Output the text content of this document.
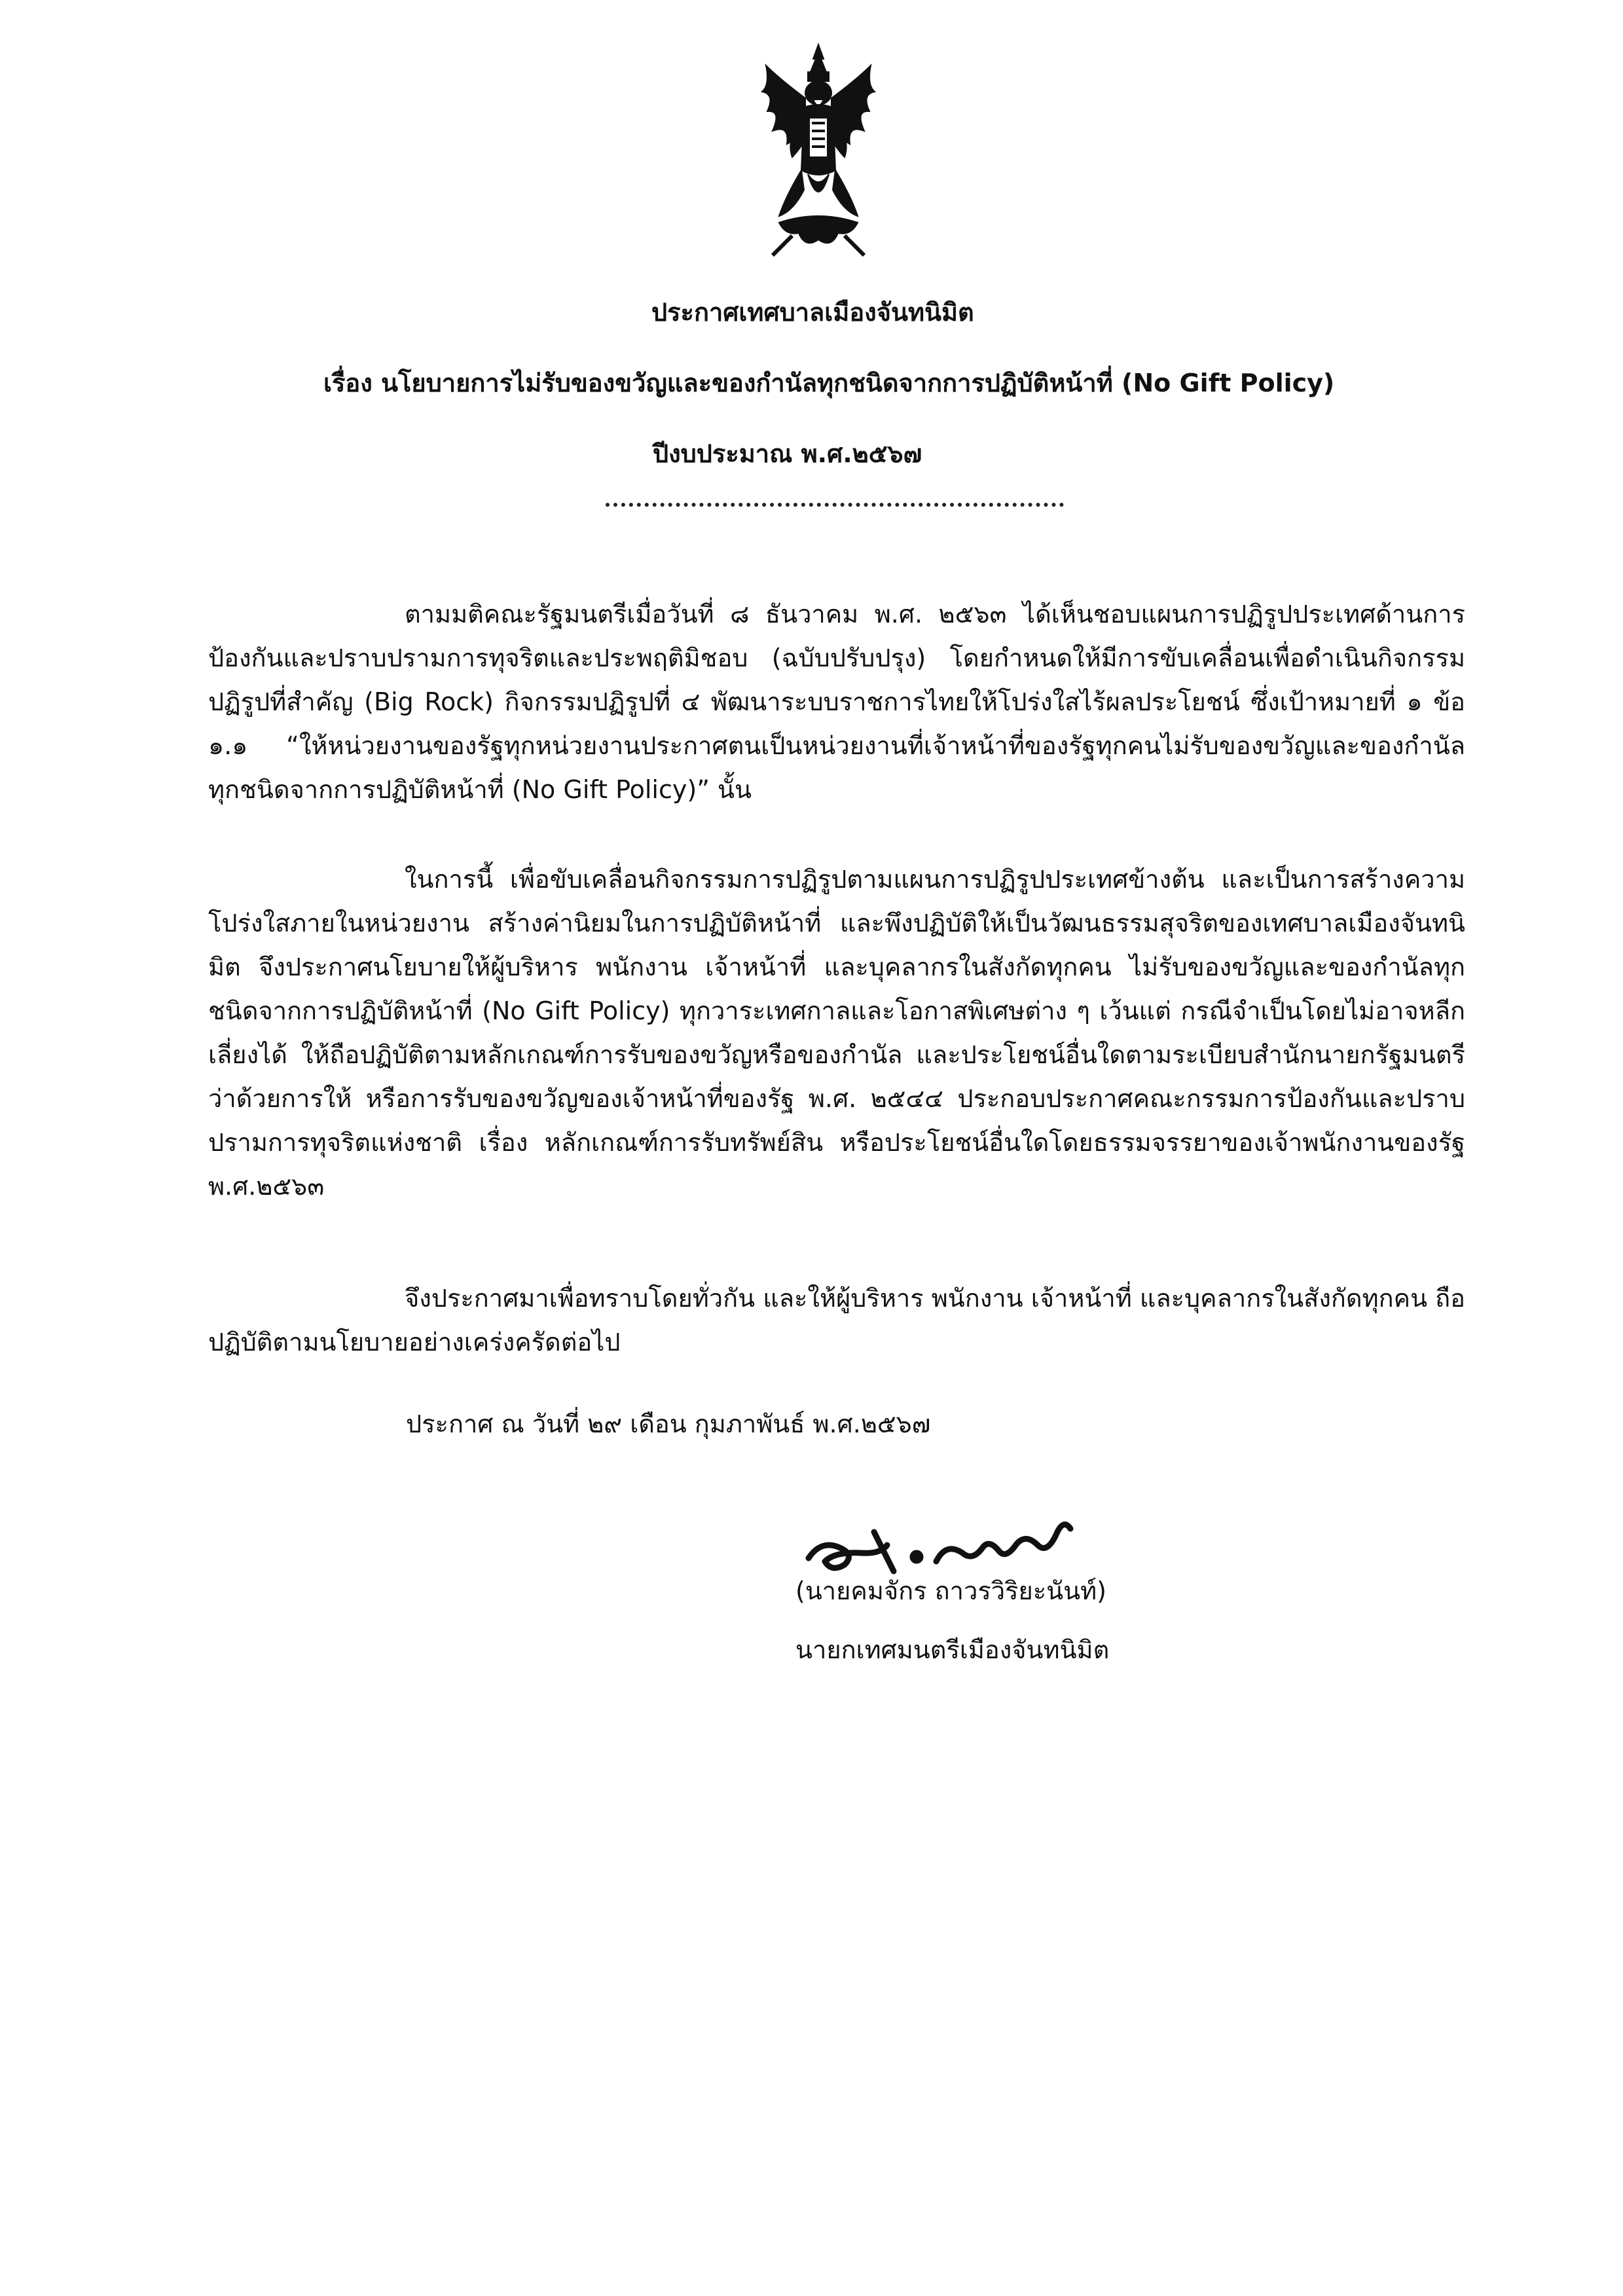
ประกาศเทศบาลเมืองจันทนิมิต
เรื่อง นโยบายการไม่รับของขวัญและของกำนัลทุกชนิดจากการปฏิบัติหน้าที่ (No Gift Policy)
ปีงบประมาณ พ.ศ.๒๕๖๗
ตามมติคณะรัฐมนตรีเมื่อวันที่ ๘ ธันวาคม พ.ศ. ๒๕๖๓ ได้เห็นชอบแผนการปฏิรูปประเทศด้านการป้องกันและปราบปรามการทุจริตและประพฤติมิชอบ (ฉบับปรับปรุง) โดยกำหนดให้มีการขับเคลื่อนเพื่อดำเนินกิจกรรมปฏิรูปที่สำคัญ (Big Rock) กิจกรรมปฏิรูปที่ ๔ พัฒนาระบบราชการไทยให้โปร่งใสไร้ผลประโยชน์ ซึ่งเป้าหมายที่ ๑ ข้อ ๑.๑ “ให้หน่วยงานของรัฐทุกหน่วยงานประกาศตนเป็นหน่วยงานที่เจ้าหน้าที่ของรัฐทุกคนไม่รับของขวัญและของกำนัลทุกชนิดจากการปฏิบัติหน้าที่ (No Gift Policy)” นั้น
ในการนี้ เพื่อขับเคลื่อนกิจกรรมการปฏิรูปตามแผนการปฏิรูปประเทศข้างต้น และเป็นการสร้างความโปร่งใสภายในหน่วยงาน สร้างค่านิยมในการปฏิบัติหน้าที่ และพึงปฏิบัติให้เป็นวัฒนธรรมสุจริตของเทศบาลเมืองจันทนิมิต จึงประกาศนโยบายให้ผู้บริหาร พนักงาน เจ้าหน้าที่ และบุคลากรในสังกัดทุกคน ไม่รับของขวัญและของกำนัลทุกชนิดจากการปฏิบัติหน้าที่ (No Gift Policy) ทุกวาระเทศกาลและโอกาสพิเศษต่าง ๆ เว้นแต่ กรณีจำเป็นโดยไม่อาจหลีกเลี่ยงได้ ให้ถือปฏิบัติตามหลักเกณฑ์การรับของขวัญหรือของกำนัล และประโยชน์อื่นใดตามระเบียบสำนักนายกรัฐมนตรีว่าด้วยการให้ หรือการรับของขวัญของเจ้าหน้าที่ของรัฐ พ.ศ. ๒๕๔๔ ประกอบประกาศคณะกรรมการป้องกันและปราบปรามการทุจริตแห่งชาติ เรื่อง หลักเกณฑ์การรับทรัพย์สิน หรือประโยชน์อื่นใดโดยธรรมจรรยาของเจ้าพนักงานของรัฐ พ.ศ.๒๕๖๓
จึงประกาศมาเพื่อทราบโดยทั่วกัน และให้ผู้บริหาร พนักงาน เจ้าหน้าที่ และบุคลากรในสังกัดทุกคน ถือปฏิบัติตามนโยบายอย่างเคร่งครัดต่อไป
ประกาศ ณ วันที่ ๒๙ เดือน กุมภาพันธ์ พ.ศ.๒๕๖๗
(นายคมจักร ถาวรวิริยะนันท์)
นายกเทศมนตรีเมืองจันทนิมิต
